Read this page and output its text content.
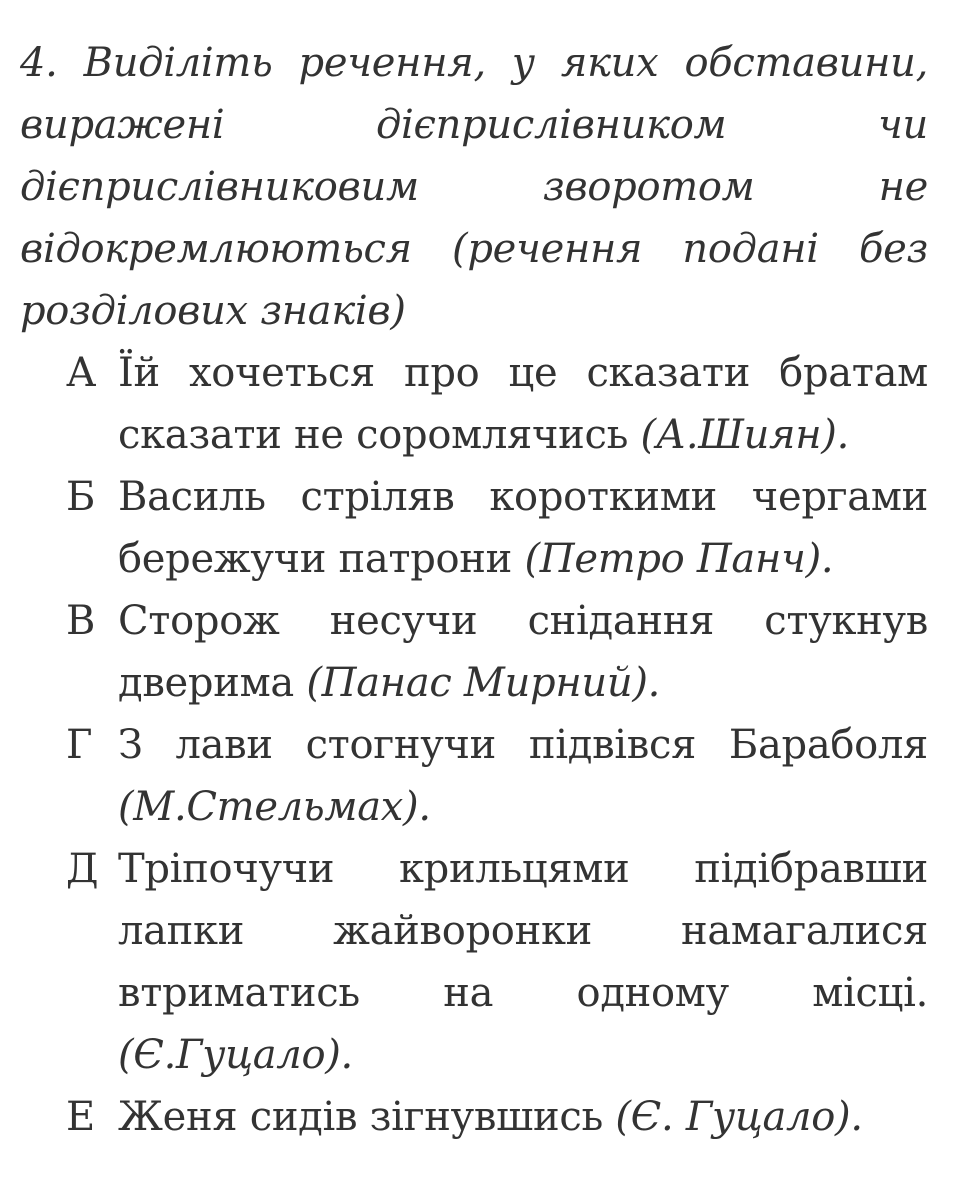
4. Виділіть речення, у яких обставини, виражені дієприслівником чи дієприслівниковим зворотом не відокремлюються (речення подані без розділових знаків)
А Їй хочеться про це сказати братам сказати не соромлячись (А.Шиян).
Б Василь стріляв короткими чергами бережучи патрони (Петро Панч).
В Сторож несучи снідання стукнув дверима (Панас Мирний).
Г З лави стогнучи підвівся Бараболя (М.Стельмах).
Д Тріпочучи крильцями підібравши лапки жайворонки намагалися втриматись на одному місці. (Є.Гуцало).
Е Женя сидів зігнувшись (Є. Гуцало).
